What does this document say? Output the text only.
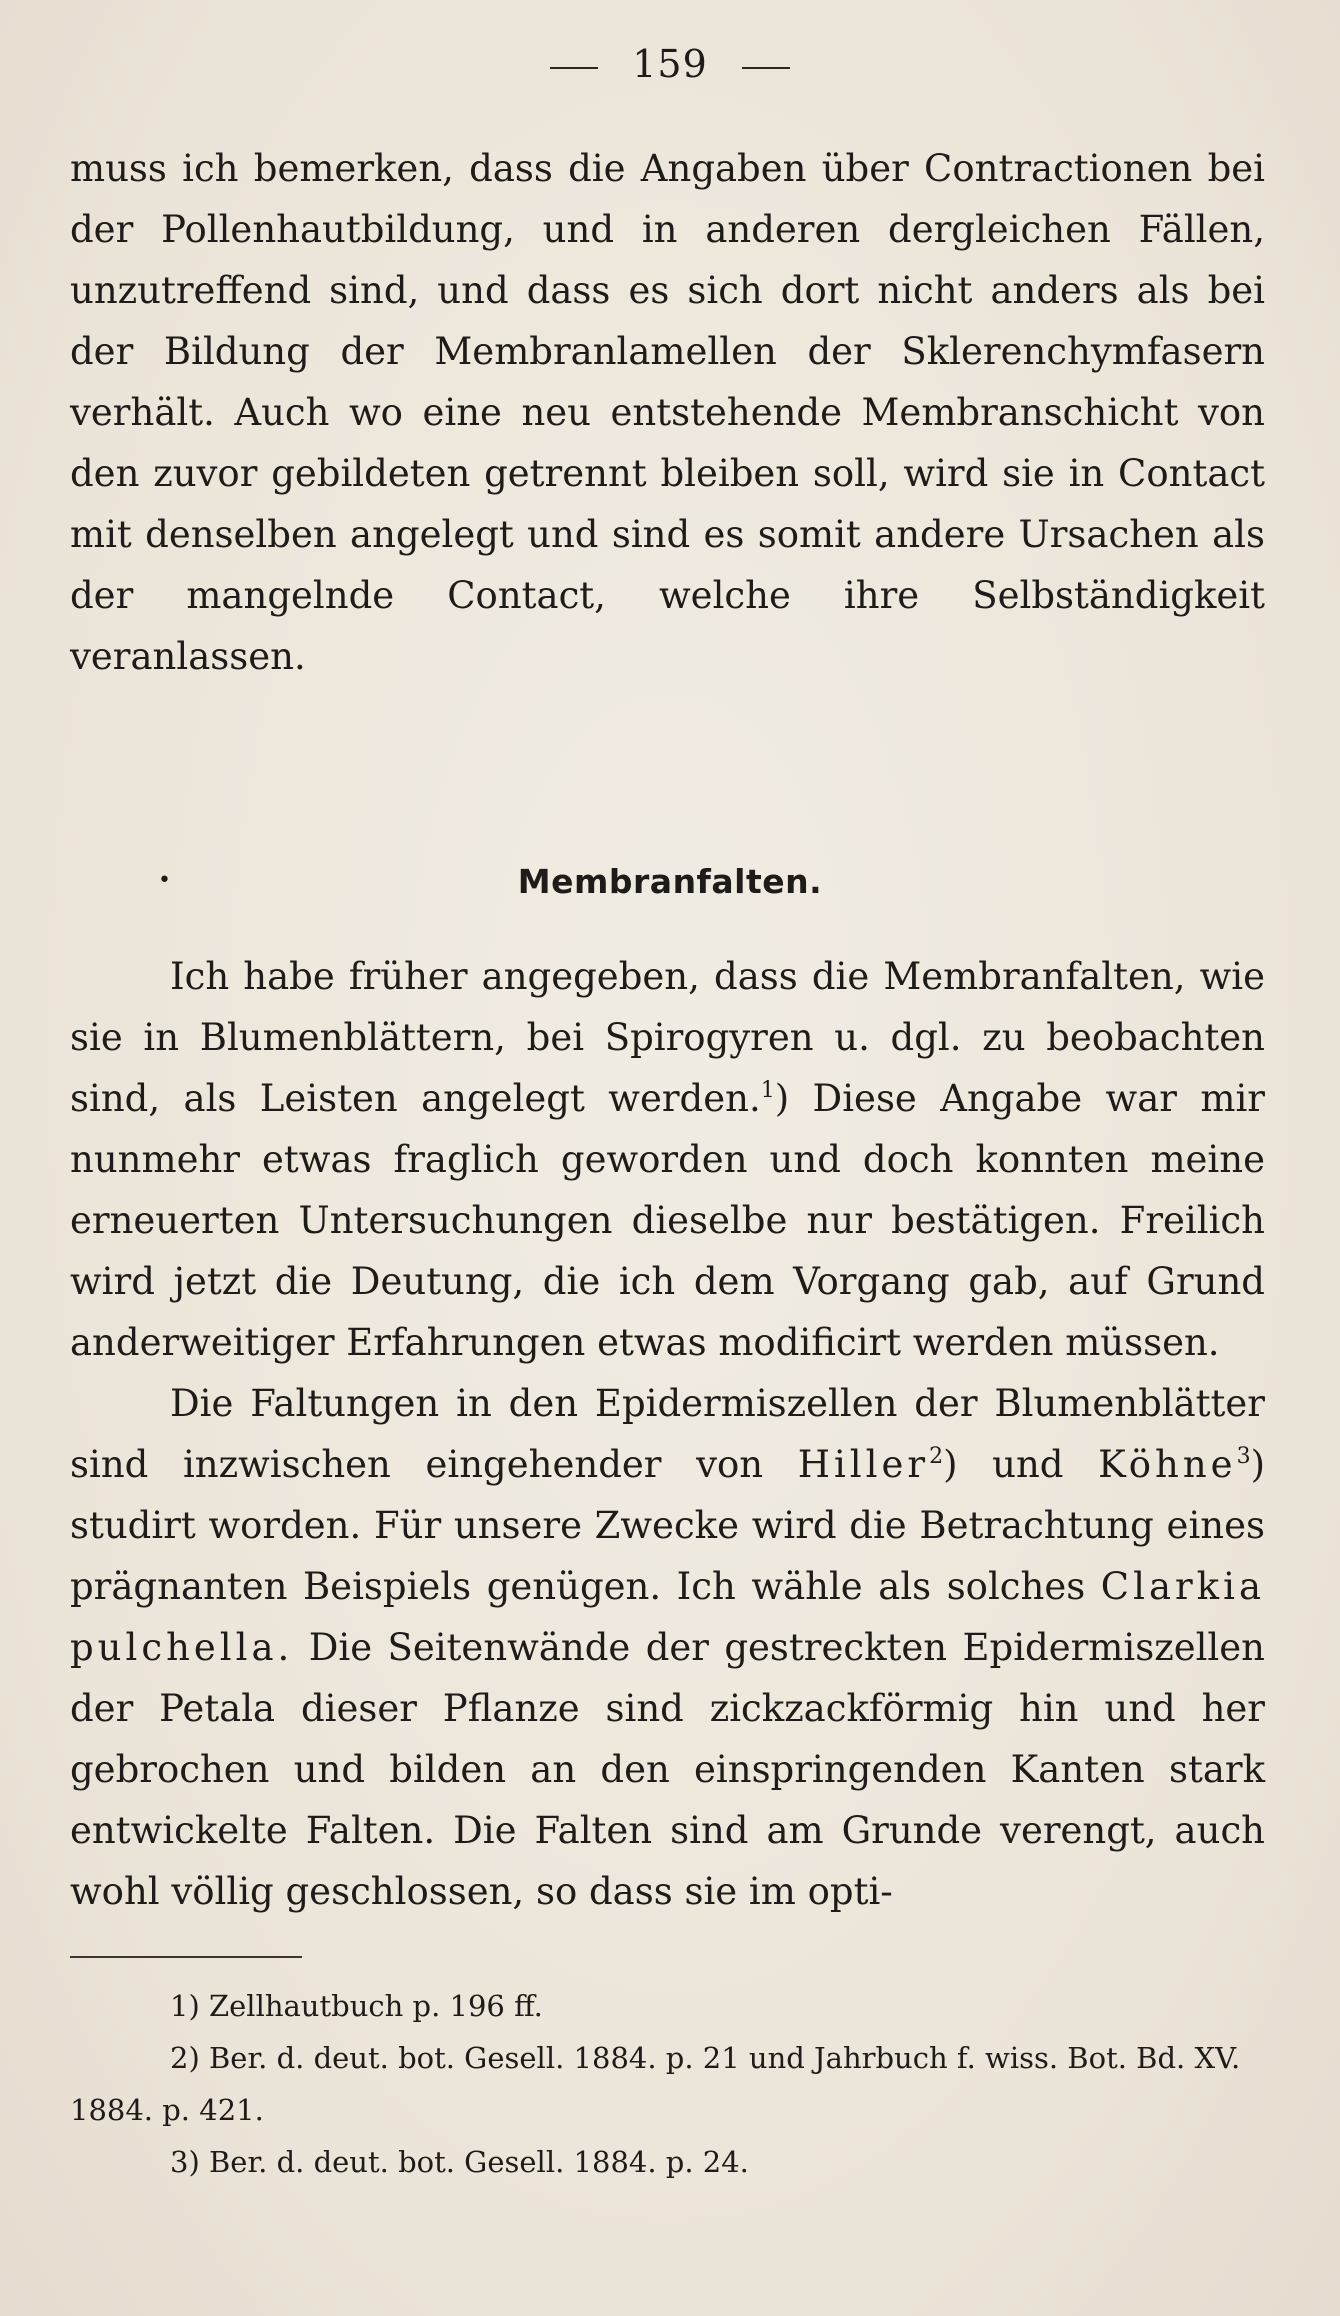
159

muss ich bemerken, dass die Angaben über Contractionen bei der Pollenhautbildung, und in anderen dergleichen Fällen, unzutreffend sind, und dass es sich dort nicht anders als bei der Bildung der Membranlamellen der Sklerenchymfasern verhält. Auch wo eine neu entstehende Membranschicht von den zuvor gebildeten getrennt bleiben soll, wird sie in Contact mit denselben angelegt und sind es somit andere Ursachen als der mangelnde Contact, welche ihre Selbständigkeit veranlassen.

•	Membranfalten.

Ich habe früher angegeben, dass die Membranfalten, wie sie in Blumenblättern, bei Spirogyren u. dgl. zu beobachten sind, als Leisten angelegt werden.$^1$) Diese Angabe war mir nunmehr etwas fraglich geworden und doch konnten meine erneuerten Untersuchungen dieselbe nur bestätigen. Freilich wird jetzt die Deutung, die ich dem Vorgang gab, auf Grund anderweitiger Erfahrungen etwas modificirt werden müssen.

Die Faltungen in den Epidermiszellen der Blumenblätter sind inzwischen eingehender von Hiller$^2$) und Köhne$^3$) studirt worden. Für unsere Zwecke wird die Betrachtung eines prägnanten Beispiels genügen. Ich wähle als solches Clarkia pulchella. Die Seitenwände der gestreckten Epidermiszellen der Petala dieser Pflanze sind zickzackförmig hin und her gebrochen und bilden an den einspringenden Kanten stark entwickelte Falten. Die Falten sind am Grunde verengt, auch wohl völlig geschlossen, so dass sie im opti-

1) Zellhautbuch p. 196 ff.

2) Ber. d. deut. bot. Gesell. 1884. p. 21 und Jahrbuch f. wiss. Bot. Bd. XV. 1884. p. 421.

3) Ber. d. deut. bot. Gesell. 1884. p. 24.
